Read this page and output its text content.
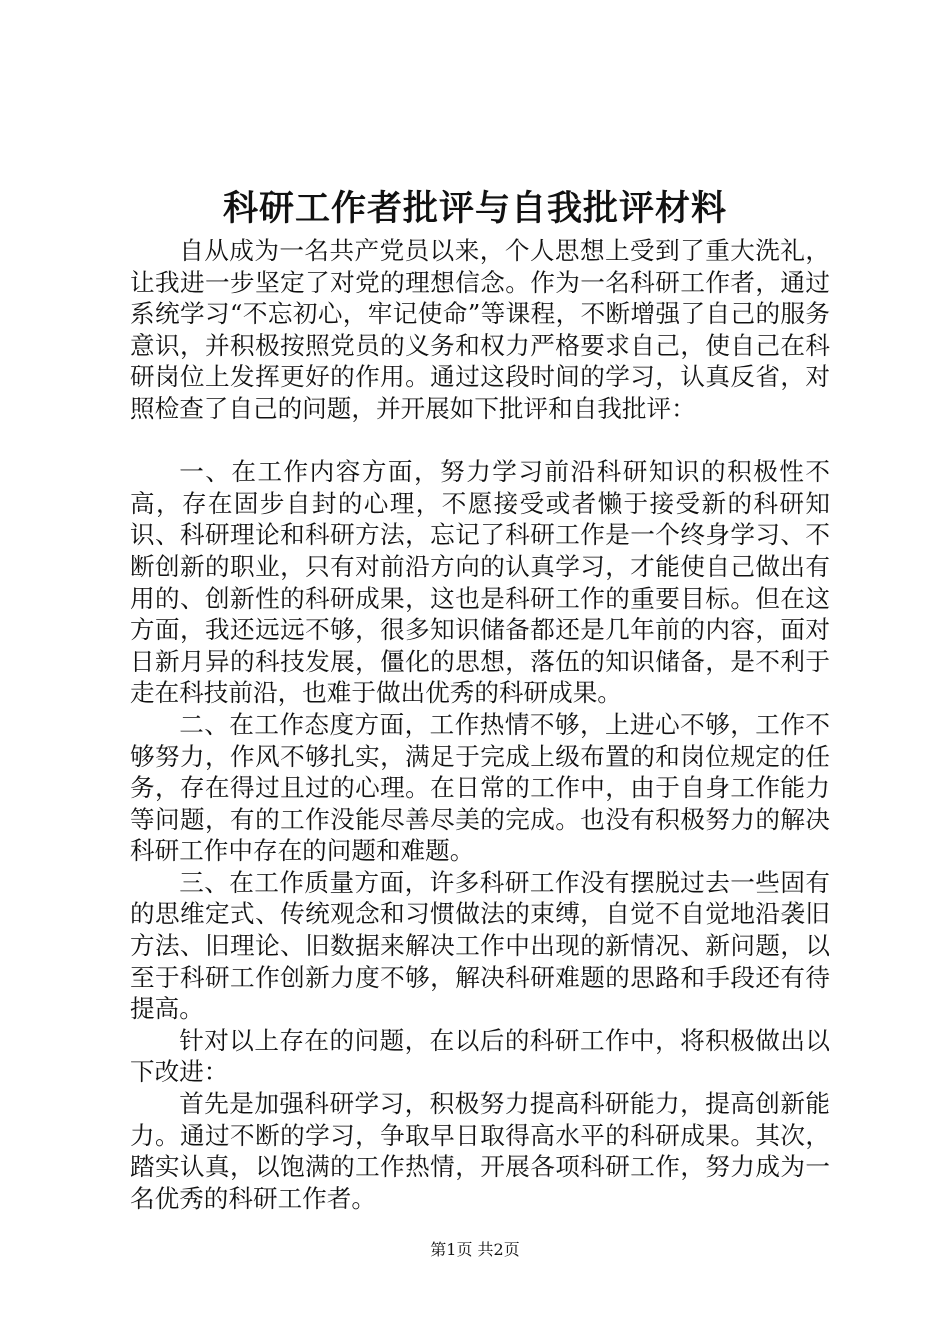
科研工作者批评与自我批评材料

自从成为一名共产党员以来，个人思想上受到了重大洗礼，让我进一步坚定了对党的理想信念。作为一名科研工作者，通过系统学习“不忘初心，牢记使命”等课程，不断增强了自己的服务意识，并积极按照党员的义务和权力严格要求自己，使自己在科研岗位上发挥更好的作用。通过这段时间的学习，认真反省，对照检查了自己的问题，并开展如下批评和自我批评：

一、在工作内容方面，努力学习前沿科研知识的积极性不高，存在固步自封的心理，不愿接受或者懒于接受新的科研知识、科研理论和科研方法，忘记了科研工作是一个终身学习、不断创新的职业，只有对前沿方向的认真学习，才能使自己做出有用的、创新性的科研成果，这也是科研工作的重要目标。但在这方面，我还远远不够，很多知识储备都还是几年前的内容，面对日新月异的科技发展，僵化的思想，落伍的知识储备，是不利于走在科技前沿，也难于做出优秀的科研成果。

二、在工作态度方面，工作热情不够，上进心不够，工作不够努力，作风不够扎实，满足于完成上级布置的和岗位规定的任务，存在得过且过的心理。在日常的工作中，由于自身工作能力等问题，有的工作没能尽善尽美的完成。也没有积极努力的解决科研工作中存在的问题和难题。

三、在工作质量方面，许多科研工作没有摆脱过去一些固有的思维定式、传统观念和习惯做法的束缚，自觉不自觉地沿袭旧方法、旧理论、旧数据来解决工作中出现的新情况、新问题，以至于科研工作创新力度不够，解决科研难题的思路和手段还有待提高。

针对以上存在的问题，在以后的科研工作中，将积极做出以下改进：

首先是加强科研学习，积极努力提高科研能力，提高创新能力。通过不断的学习，争取早日取得高水平的科研成果。其次，踏实认真，以饱满的工作热情，开展各项科研工作，努力成为一名优秀的科研工作者。

第1页 共2页
